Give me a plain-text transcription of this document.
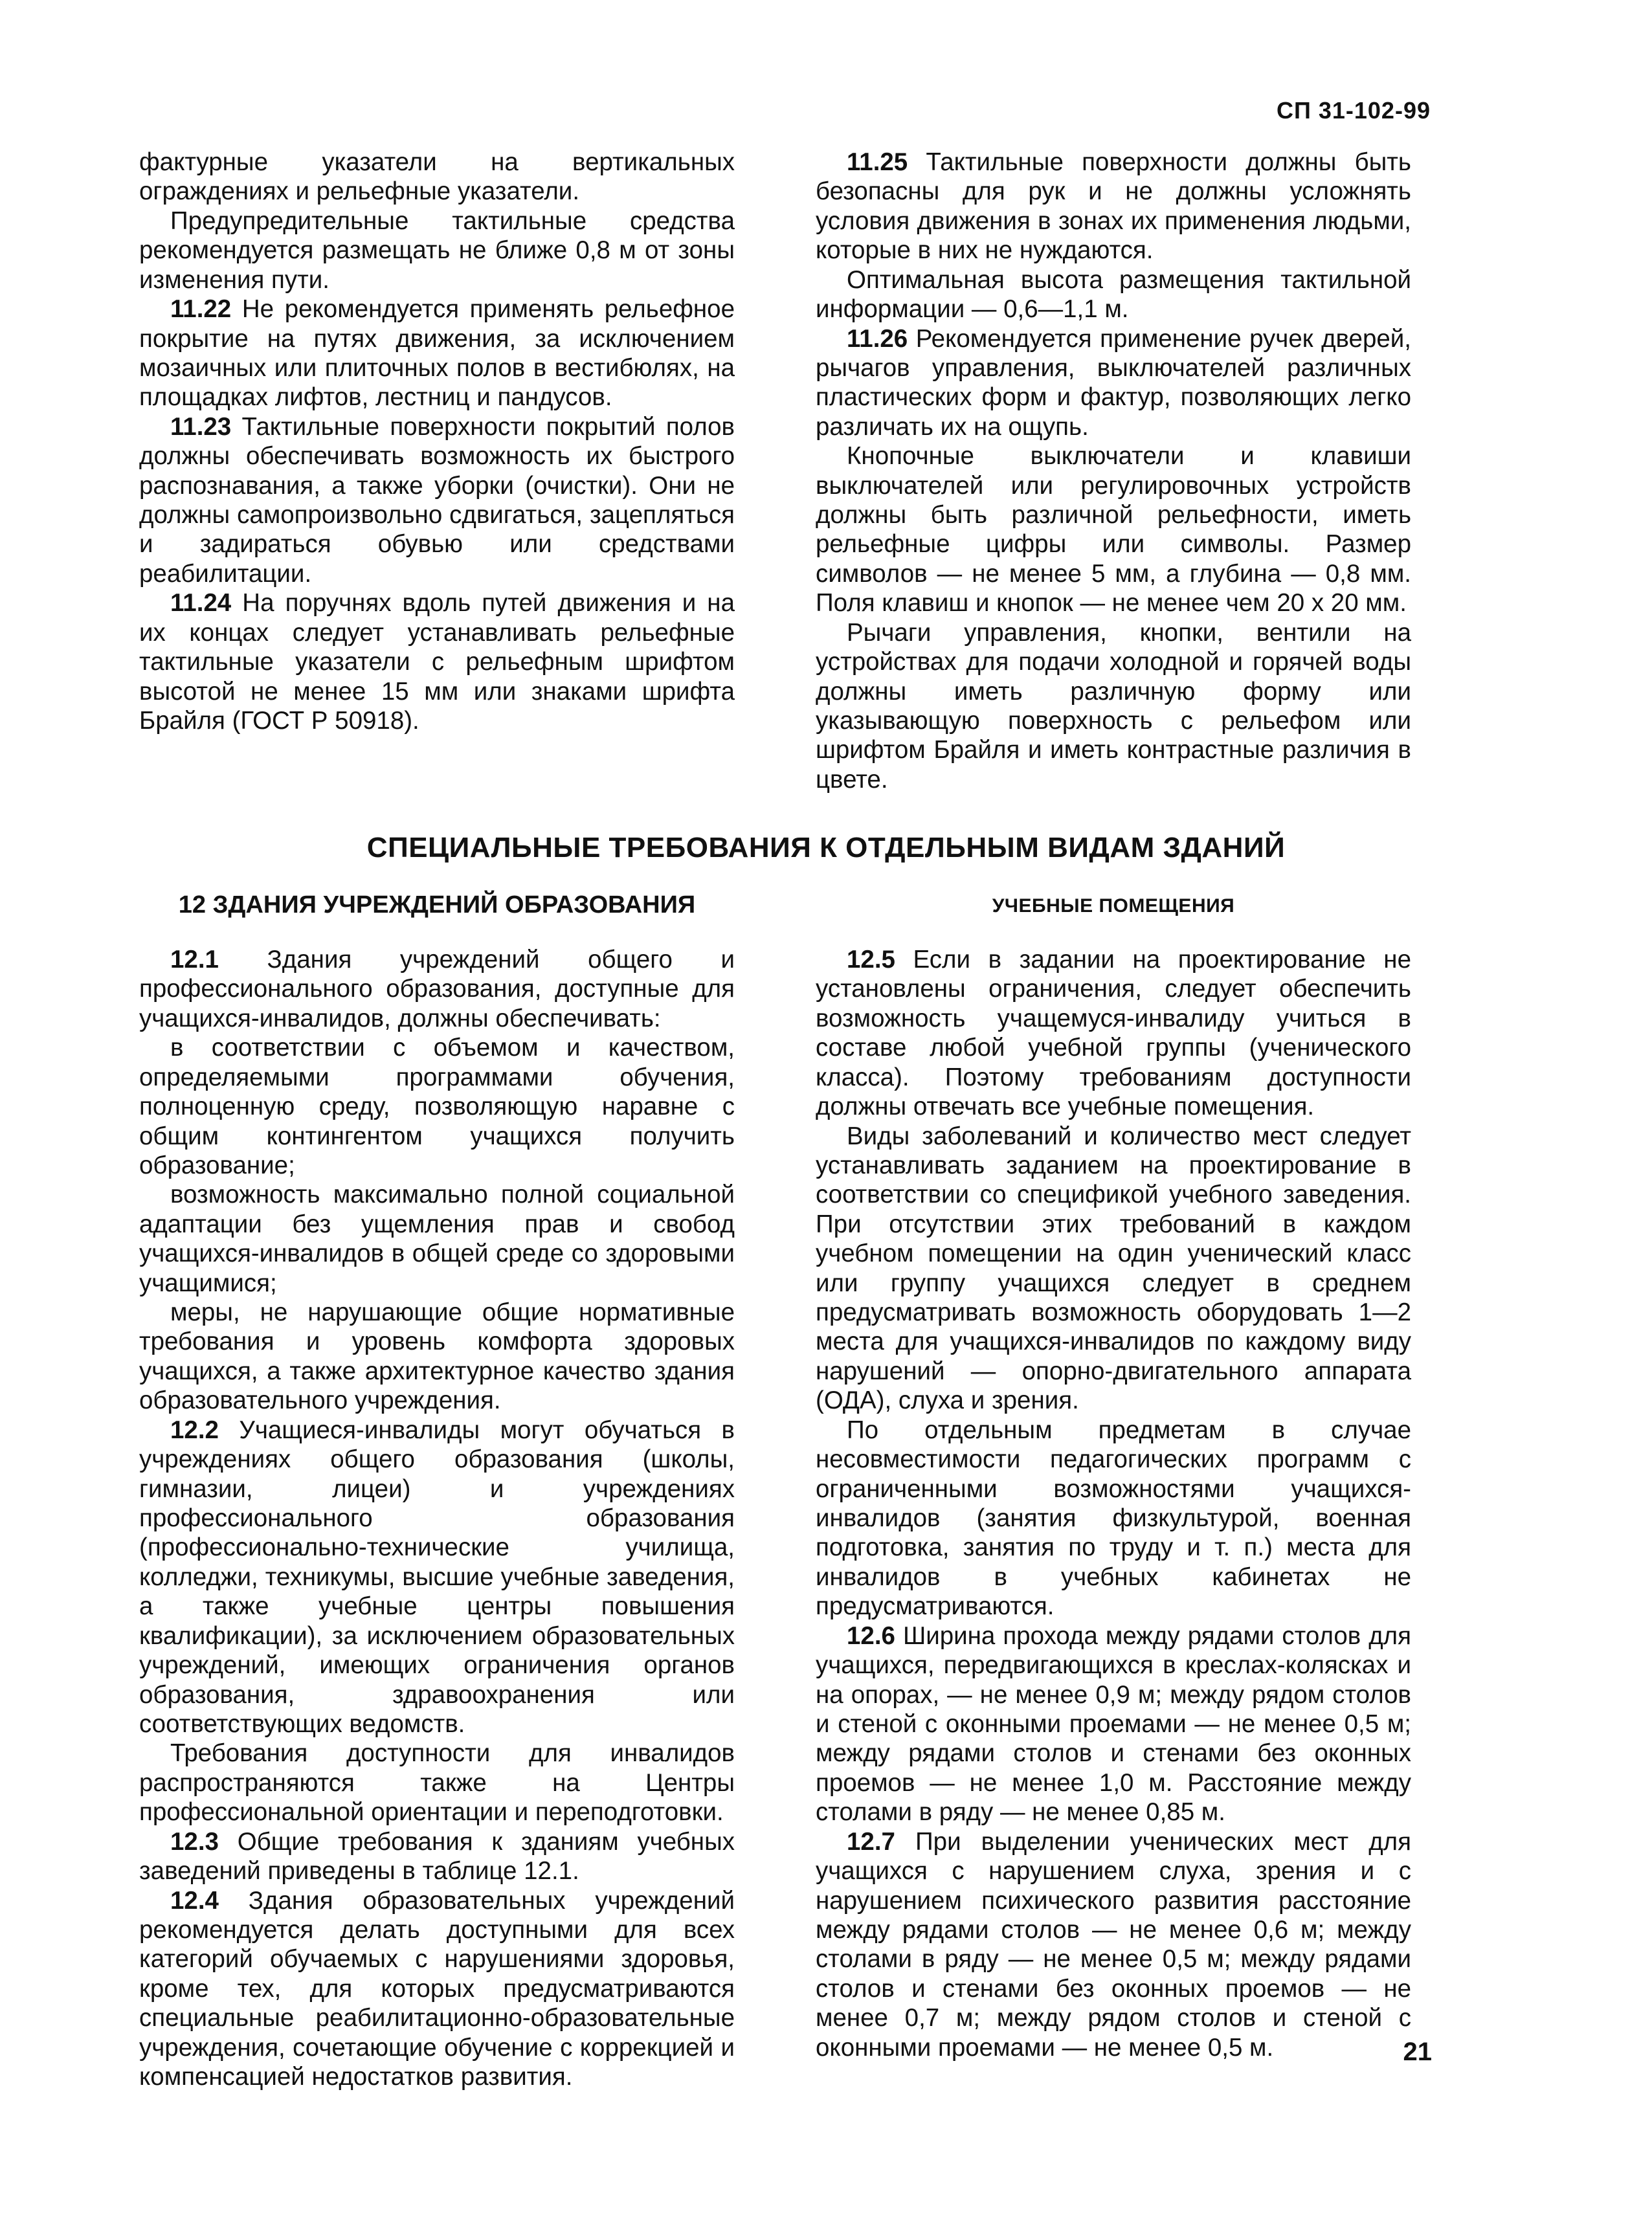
СП 31-102-99

фактурные указатели на вертикальных ограждениях и рельефные указатели.

Предупредительные тактильные средства рекомендуется размещать не ближе 0,8 м от зоны изменения пути.

11.22 Не рекомендуется применять рельефное покрытие на путях движения, за исключением мозаичных или плиточных полов в вестибюлях, на площадках лифтов, лестниц и пандусов.

11.23 Тактильные поверхности покрытий полов должны обеспечивать возможность их быстрого распознавания, а также уборки (очистки). Они не должны самопроизвольно сдвигаться, зацепляться и задираться обувью или средствами реабилитации.

11.24 На поручнях вдоль путей движения и на их концах следует устанавливать рельефные тактильные указатели с рельефным шрифтом высотой не менее 15 мм или знаками шрифта Брайля (ГОСТ Р 50918).

11.25 Тактильные поверхности должны быть безопасны для рук и не должны усложнять условия движения в зонах их применения людьми, которые в них не нуждаются.

Оптимальная высота размещения тактильной информации — 0,6—1,1 м.

11.26 Рекомендуется применение ручек дверей, рычагов управления, выключателей различных пластических форм и фактур, позволяющих легко различать их на ощупь.

Кнопочные выключатели и клавиши выключателей или регулировочных устройств должны быть различной рельефности, иметь рельефные цифры или символы. Размер символов — не менее 5 мм, а глубина — 0,8 мм. Поля клавиш и кнопок — не менее чем 20 х 20 мм.

Рычаги управления, кнопки, вентили на устройствах для подачи холодной и горячей воды должны иметь различную форму или указывающую поверхность с рельефом или шрифтом Брайля и иметь контрастные различия в цвете.

СПЕЦИАЛЬНЫЕ ТРЕБОВАНИЯ К ОТДЕЛЬНЫМ ВИДАМ ЗДАНИЙ
12 ЗДАНИЯ УЧРЕЖДЕНИЙ ОБРАЗОВАНИЯ	УЧЕБНЫЕ ПОМЕЩЕНИЯ

12.1 Здания учреждений общего и профессионального образования, доступные для учащихся-инвалидов, должны обеспечивать:

в соответствии с объемом и качеством, определяемыми программами обучения, полноценную среду, позволяющую наравне с общим контингентом учащихся получить образование;

возможность максимально полной социальной адаптации без ущемления прав и свобод учащихся-инвалидов в общей среде со здоровыми учащимися;

меры, не нарушающие общие нормативные требования и уровень комфорта здоровых учащихся, а также архитектурное качество здания образовательного учреждения.

12.2 Учащиеся-инвалиды могут обучаться в учреждениях общего образования (школы, гимназии, лицеи) и учреждениях профессионального образования (профессионально-технические училища, колледжи, техникумы, высшие учебные заведения, а также учебные центры повышения квалификации), за исключением образовательных учреждений, имеющих ограничения органов образования, здравоохранения или соответствующих ведомств.

Требования доступности для инвалидов распространяются также на Центры профессиональной ориентации и переподготовки.

12.3 Общие требования к зданиям учебных заведений приведены в таблице 12.1.

12.4 Здания образовательных учреждений рекомендуется делать доступными для всех категорий обучаемых с нарушениями здоровья, кроме тех, для которых предусматриваются специальные реабилитационно-образовательные учреждения, сочетающие обучение с коррекцией и компенсацией недостатков развития.

12.5 Если в задании на проектирование не установлены ограничения, следует обеспечить возможность учащемуся-инвалиду учиться в составе любой учебной группы (ученического класса). Поэтому требованиям доступности должны отвечать все учебные помещения.

Виды заболеваний и количество мест следует устанавливать заданием на проектирование в соответствии со спецификой учебного заведения. При отсутствии этих требований в каждом учебном помещении на один ученический класс или группу учащихся следует в среднем предусматривать возможность оборудовать 1—2 места для учащихся-инвалидов по каждому виду нарушений — опорно-двигательного аппарата (ОДА), слуха и зрения.

По отдельным предметам в случае несовместимости педагогических программ с ограниченными возможностями учащихся-инвалидов (занятия физкультурой, военная подготовка, занятия по труду и т. п.) места для инвалидов в учебных кабинетах не предусматриваются.

12.6 Ширина прохода между рядами столов для учащихся, передвигающихся в креслах-колясках и на опорах, — не менее 0,9 м; между рядом столов и стеной с оконными проемами — не менее 0,5 м; между рядами столов и стенами без оконных проемов — не менее 1,0 м. Расстояние между столами в ряду — не менее 0,85 м.

12.7 При выделении ученических мест для учащихся с нарушением слуха, зрения и с нарушением психического развития расстояние между рядами столов — не менее 0,6 м; между столами в ряду — не менее 0,5 м; между рядами столов и стенами без оконных проемов — не менее 0,7 м; между рядом столов и стеной с оконными проемами — не менее 0,5 м.	21
